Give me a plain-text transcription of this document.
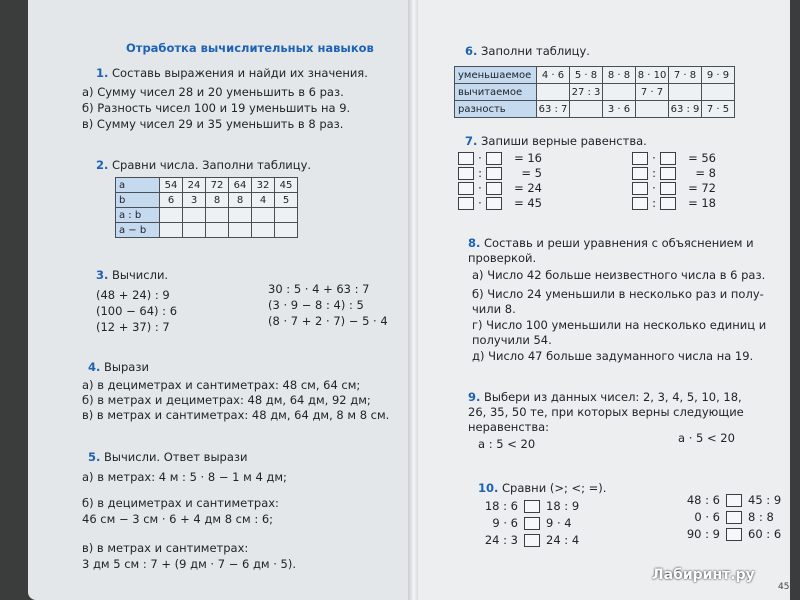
Отработка вычислительных навыков
1. Составь выражения и найди их значения.
а) Сумму чисел 28 и 20 уменьшить в 6 раз.
б) Разность чисел 100 и 19 уменьшить на 9.
в) Сумму чисел 29 и 35 уменьшить в 8 раз.
2. Сравни числа. Заполни таблицу.
a	54	24	72	64	32	45
b	6	3	8	8	4	5
a : b						
a − b						
3. Вычисли.
(48 + 24) : 9
(100 − 64) : 6
(12 + 37) : 7
30 : 5 · 4 + 63 : 7
(3 · 9 − 8 : 4) : 5
(8 · 7 + 2 · 7) − 5 · 4
4. Вырази
а) в дециметрах и сантиметрах: 48 см, 64 см;
б) в метрах и дециметрах: 48 дм, 64 дм, 92 дм;
в) в метрах и сантиметрах: 48 дм, 64 дм, 8 м 8 см.
5. Вычисли. Ответ вырази
а) в метрах: 4 м : 5 · 8 − 1 м 4 дм;
б) в дециметрах и сантиметрах:
46 см − 3 см · 6 + 4 дм 8 см : 6;
в) в метрах и сантиметрах:
3 дм 5 см : 7 + (9 дм · 7 − 6 дм · 5).
6. Заполни таблицу.
уменьшаемое	4 · 6	5 · 8	8 · 8	8 · 10	7 · 8	9 · 9
вычитаемое		27 : 3		7 · 7		
разность	63 : 7		3 · 6		63 : 9	7 · 5
7. Запиши верные равенства.
·	= 16
:	= 5
·	= 24
·	= 45
·	= 56
:	= 8
·	= 72
:	= 18
8. Составь и реши уравнения с объяснением и
проверкой.
а) Число 42 больше неизвестного числа в 6 раз.
б) Число 24 уменьшили в несколько раз и полу-
чили 8.
г) Число 100 уменьшили на несколько единиц и
получили 54.
д) Число 47 больше задуманного числа на 19.
9. Выбери из данных чисел: 2, 3, 4, 5, 10, 18,
26, 35, 50 те, при которых верны следующие
неравенства:
a : 5 < 20	a · 5 < 20
10. Сравни (>; <; =).
18 : 6 18 : 9
9 · 6 9 · 4
24 : 3 24 : 4
48 : 6 45 : 9
0 · 6 8 : 8
90 : 9 60 : 6
45
Лабиринт.ру
